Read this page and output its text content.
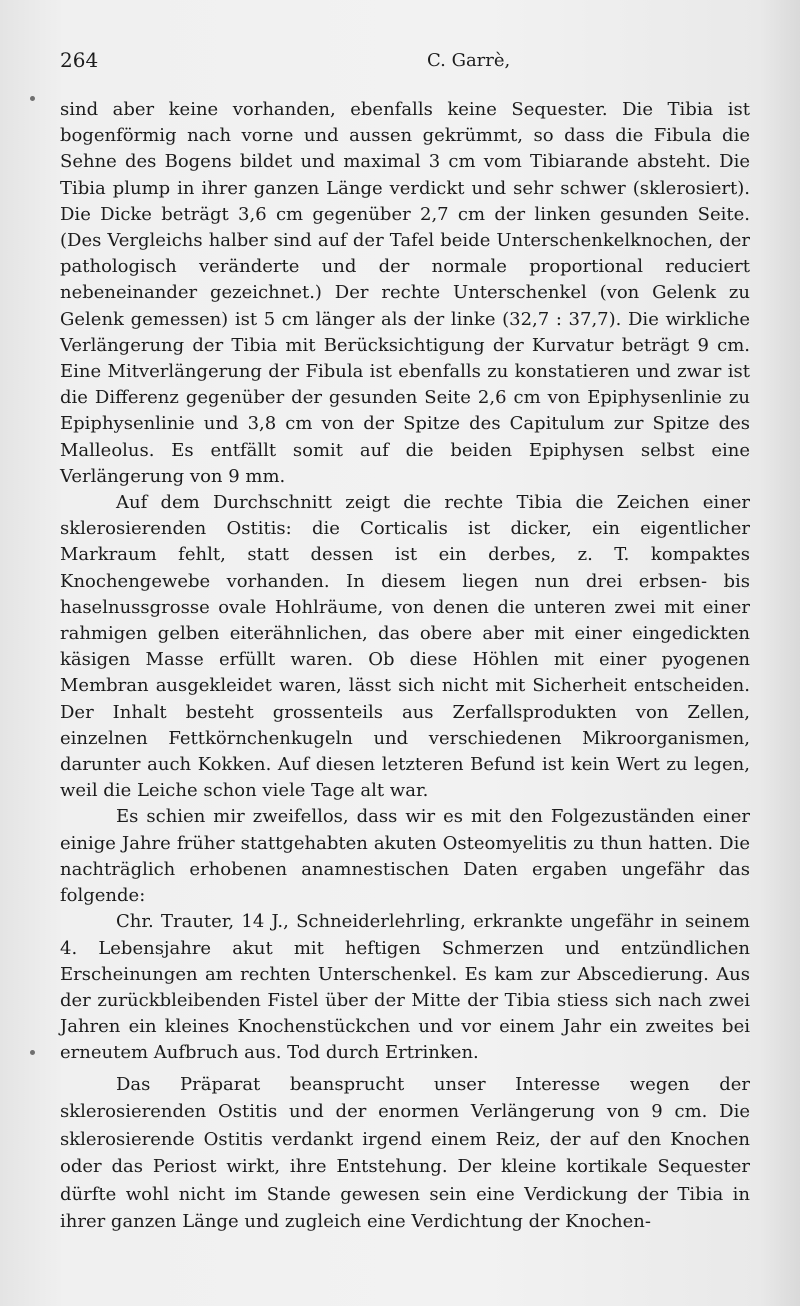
264	C. Garrè,

sind aber keine vorhanden, ebenfalls keine Sequester. Die Tibia ist bogenförmig nach vorne und aussen gekrümmt, so dass die Fibula die Sehne des Bogens bildet und maximal 3 cm vom Tibiarande absteht. Die Tibia plump in ihrer ganzen Länge verdickt und sehr schwer (sklerosiert). Die Dicke beträgt 3,6 cm gegenüber 2,7 cm der linken gesunden Seite. (Des Vergleichs halber sind auf der Tafel beide Unterschenkelknochen, der pathologisch veränderte und der normale proportional reduciert nebeneinander gezeichnet.) Der rechte Unterschenkel (von Gelenk zu Gelenk gemessen) ist 5 cm länger als der linke (32,7 : 37,7). Die wirkliche Verlängerung der Tibia mit Berücksichtigung der Kurvatur beträgt 9 cm. Eine Mitverlängerung der Fibula ist ebenfalls zu konstatieren und zwar ist die Differenz gegenüber der gesunden Seite 2,6 cm von Epiphysenlinie zu Epiphysenlinie und 3,8 cm von der Spitze des Capitulum zur Spitze des Malleolus. Es entfällt somit auf die beiden Epiphysen selbst eine Verlängerung von 9 mm.

Auf dem Durchschnitt zeigt die rechte Tibia die Zeichen einer sklerosierenden Ostitis: die Corticalis ist dicker, ein eigentlicher Markraum fehlt, statt dessen ist ein derbes, z. T. kompaktes Knochengewebe vorhanden. In diesem liegen nun drei erbsen- bis haselnussgrosse ovale Hohlräume, von denen die unteren zwei mit einer rahmigen gelben eiterähnlichen, das obere aber mit einer eingedickten käsigen Masse erfüllt waren. Ob diese Höhlen mit einer pyogenen Membran ausgekleidet waren, lässt sich nicht mit Sicherheit entscheiden. Der Inhalt besteht grossenteils aus Zerfallsprodukten von Zellen, einzelnen Fettkörnchenkugeln und verschiedenen Mikroorganismen, darunter auch Kokken. Auf diesen letzteren Befund ist kein Wert zu legen, weil die Leiche schon viele Tage alt war.

Es schien mir zweifellos, dass wir es mit den Folgezuständen einer einige Jahre früher stattgehabten akuten Osteomyelitis zu thun hatten. Die nachträglich erhobenen anamnestischen Daten ergaben ungefähr das folgende:

Chr. Trauter, 14 J., Schneiderlehrling, erkrankte ungefähr in seinem 4. Lebensjahre akut mit heftigen Schmerzen und entzündlichen Erscheinungen am rechten Unterschenkel. Es kam zur Abscedierung. Aus der zurückbleibenden Fistel über der Mitte der Tibia stiess sich nach zwei Jahren ein kleines Knochenstückchen und vor einem Jahr ein zweites bei erneutem Aufbruch aus. Tod durch Ertrinken.

Das Präparat beansprucht unser Interesse wegen der sklerosierenden Ostitis und der enormen Verlängerung von 9 cm. Die sklerosierende Ostitis verdankt irgend einem Reiz, der auf den Knochen oder das Periost wirkt, ihre Entstehung. Der kleine kortikale Sequester dürfte wohl nicht im Stande gewesen sein eine Verdickung der Tibia in ihrer ganzen Länge und zugleich eine Verdichtung der Knochen-
